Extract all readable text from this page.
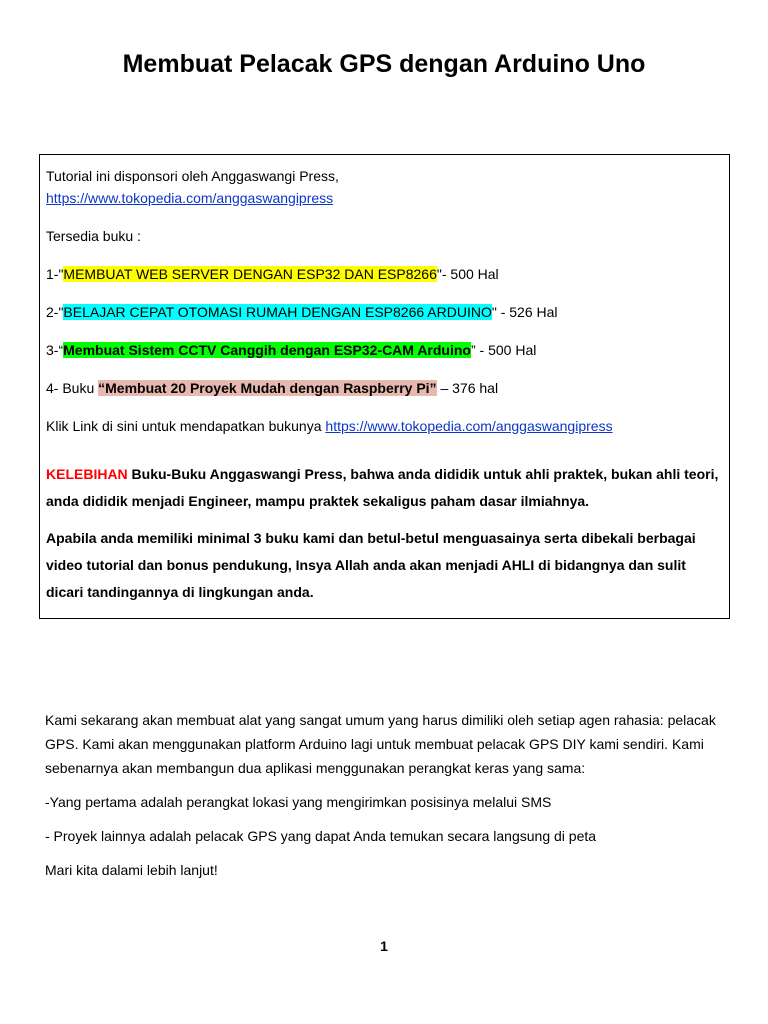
Membuat Pelacak GPS dengan Arduino Uno

Tutorial ini disponsori oleh Anggaswangi Press,
https://www.tokopedia.com/anggaswangipress

Tersedia buku :

1-"MEMBUAT WEB SERVER DENGAN ESP32 DAN ESP8266"- 500 Hal

2-"BELAJAR CEPAT OTOMASI RUMAH DENGAN ESP8266 ARDUINO" - 526 Hal

3-“Membuat Sistem CCTV Canggih dengan ESP32-CAM Arduino” - 500 Hal

4- Buku “Membuat 20 Proyek Mudah dengan Raspberry Pi” – 376 hal

Klik Link di sini untuk mendapatkan bukunya https://www.tokopedia.com/anggaswangipress

KELEBIHAN Buku-Buku Anggaswangi Press, bahwa anda dididik untuk ahli praktek, bukan ahli teori, anda dididik menjadi Engineer, mampu praktek sekaligus paham dasar ilmiahnya.

Apabila anda memiliki minimal 3 buku kami dan betul-betul menguasainya serta dibekali berbagai video tutorial dan bonus pendukung, Insya Allah anda akan menjadi AHLI di bidangnya dan sulit dicari tandingannya di lingkungan anda.

Kami sekarang akan membuat alat yang sangat umum yang harus dimiliki oleh setiap agen rahasia: pelacak GPS. Kami akan menggunakan platform Arduino lagi untuk membuat pelacak GPS DIY kami sendiri. Kami sebenarnya akan membangun dua aplikasi menggunakan perangkat keras yang sama:

-Yang pertama adalah perangkat lokasi yang mengirimkan posisinya melalui SMS

- Proyek lainnya adalah pelacak GPS yang dapat Anda temukan secara langsung di peta

Mari kita dalami lebih lanjut!

1
